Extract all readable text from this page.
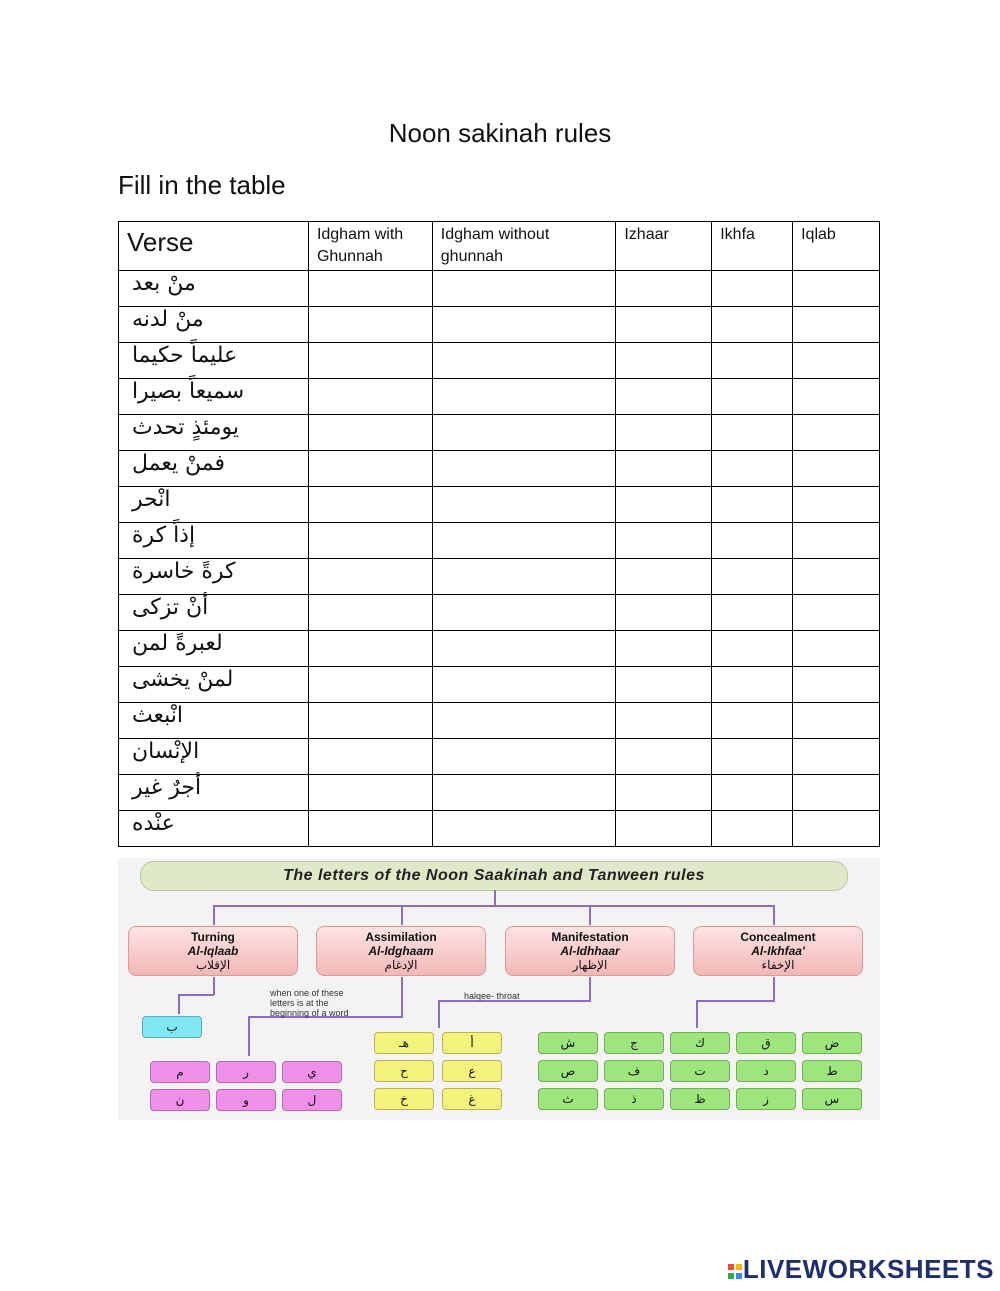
Noon sakinah rules
Fill in the table
Verse	Idgham with Ghunnah	Idgham without ghunnah	Izhaar	Ikhfa	Iqlab
منْ بعد					
منْ لدنه					
عليماً حكيما					
سميعاً بصيرا					
يومئذٍ تحدث					
فمنْ يعمل					
انْحر					
إذاً كرة					
كرةً خاسرة					
أنْ تزكى					
لعبرةً لمن					
لمنْ يخشى					
انْبعث					
الإنْسان					
أجرٌ غير					
عنْده					
The letters of the Noon Saakinah and Tanween rules
Turning
Al-Iqlaab
الإقلاب
Assimilation
Al-Idghaam
الإدغام
Manifestation
Al-Idhhaar
الإظهار
Concealment
Al-Ikhfaa'
الإخفاء
when one of these letters is at the beginning of a word
halqee- throat
ب
ي
ر
م
ل
و
ن
أ
هـ
ع
ح
غ
خ
ض
ق
ك
ج
ش
ط
د
ت
ف
ص
س
ز
ظ
ذ
ث
LIVEWORKSHEETS
